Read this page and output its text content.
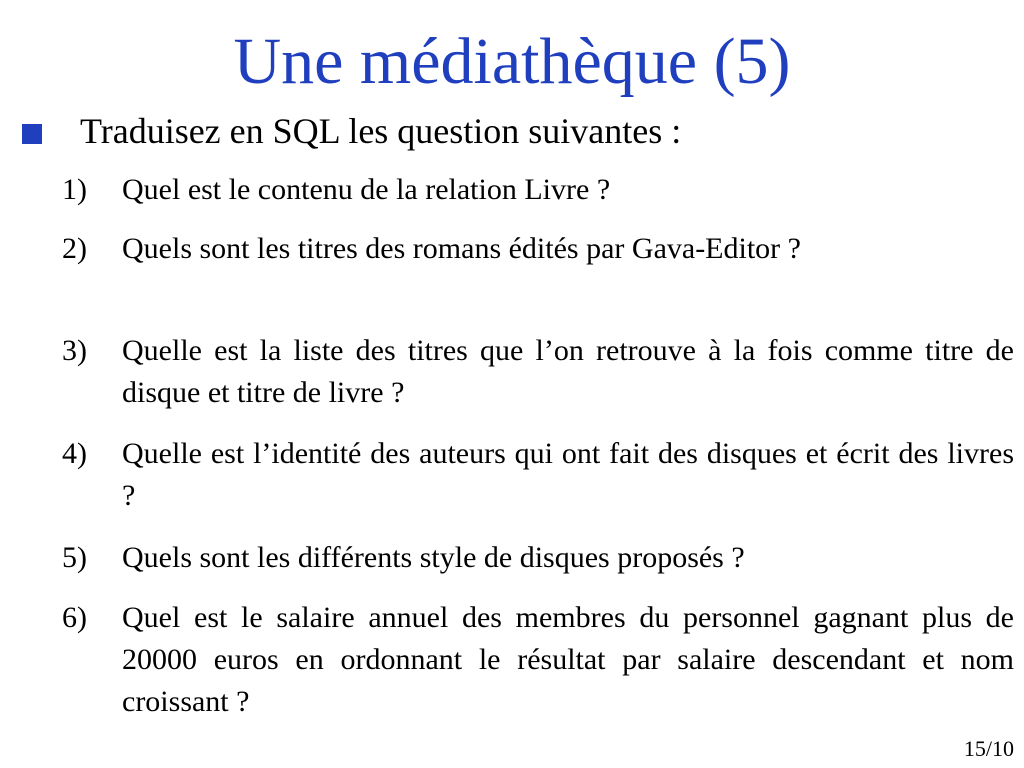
Une médiathèque (5)
Traduisez en SQL les question suivantes :
1)	Quel est le contenu de la relation Livre ?
2)	Quels sont les titres des romans édités par Gava-Editor ?
3)	Quelle est la liste des titres que l’on retrouve à la fois comme titre de disque et titre de livre ?
4)	Quelle est l’identité des auteurs qui ont fait des disques et écrit des livres ?
5)	Quels sont les différents style de disques proposés ?
6)	Quel est le salaire annuel des membres du personnel gagnant plus de 20000 euros en ordonnant le résultat par salaire descendant et nom croissant ?
15/10
